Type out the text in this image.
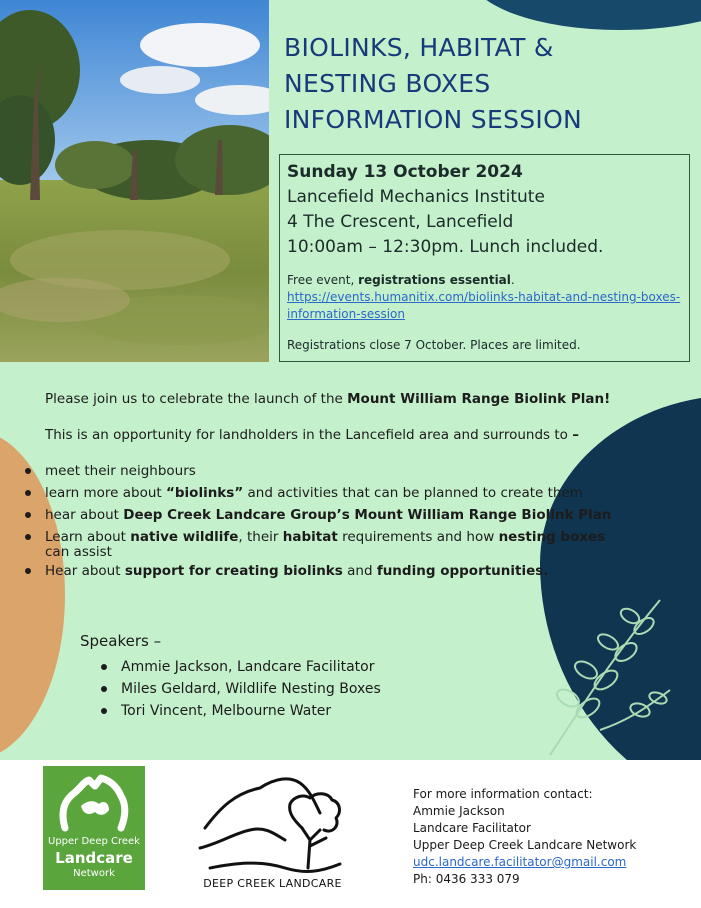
BIOLINKS, HABITAT &
NESTING BOXES
INFORMATION SESSION
Sunday 13 October 2024
Lancefield Mechanics Institute
4 The Crescent, Lancefield
10:00am – 12:30pm. Lunch included.
Free event, registrations essential.
https://events.humanitix.com/biolinks-habitat-and-nesting-boxes-
information-session
Registrations close 7 October. Places are limited.
Please join us to celebrate the launch of the Mount William Range Biolink Plan!
This is an opportunity for landholders in the Lancefield area and surrounds to –
meet their neighbours
learn more about “biolinks” and activities that can be planned to create them
hear about Deep Creek Landcare Group’s Mount William Range Biolink Plan
Learn about native wildlife, their habitat requirements and how nesting boxes
can assist
Hear about support for creating biolinks and funding opportunities.
Speakers –
Ammie Jackson, Landcare Facilitator
Miles Geldard, Wildlife Nesting Boxes
Tori Vincent, Melbourne Water
Upper Deep Creek
Landcare
Network
DEEP CREEK LANDCARE
For more information contact:
Ammie Jackson
Landcare Facilitator
Upper Deep Creek Landcare Network
udc.landcare.facilitator@gmail.com
Ph: 0436 333 079
